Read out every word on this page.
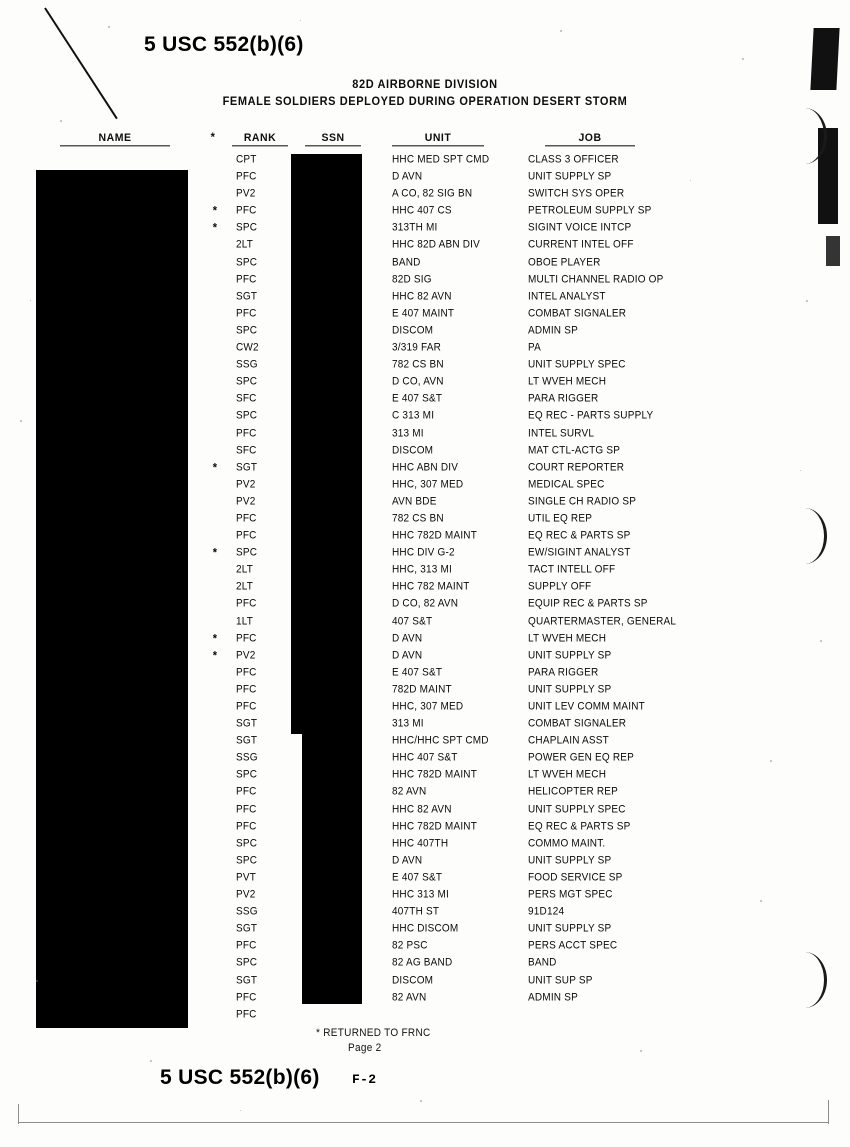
5 USC 552(b)(6)
82D AIRBORNE DIVISION
FEMALE SOLDIERS DEPLOYED DURING OPERATION DESERT STORM
NAME	*	RANK	SSN	UNIT	JOB
CPT	HHC MED SPT CMD	CLASS 3 OFFICER
PFC	D AVN	UNIT SUPPLY SP
PV2	A CO, 82 SIG BN	SWITCH SYS OPER
*	PFC	HHC 407 CS	PETROLEUM SUPPLY SP
*	SPC	313TH MI	SIGINT VOICE INTCP
2LT	HHC 82D ABN DIV	CURRENT INTEL OFF
SPC	BAND	OBOE PLAYER
PFC	82D SIG	MULTI CHANNEL RADIO OP
SGT	HHC 82 AVN	INTEL ANALYST
PFC	E 407 MAINT	COMBAT SIGNALER
SPC	DISCOM	ADMIN SP
CW2	3/319 FAR	PA
SSG	782 CS BN	UNIT SUPPLY SPEC
SPC	D CO, AVN	LT WVEH MECH
SFC	E 407 S&T	PARA RIGGER
SPC	C 313 MI	EQ REC - PARTS SUPPLY
PFC	313 MI	INTEL SURVL
SFC	DISCOM	MAT CTL-ACTG SP
*	SGT	HHC ABN DIV	COURT REPORTER
PV2	HHC, 307 MED	MEDICAL SPEC
PV2	AVN BDE	SINGLE CH RADIO SP
PFC	782 CS BN	UTIL EQ REP
PFC	HHC 782D MAINT	EQ REC & PARTS SP
*	SPC	HHC DIV G-2	EW/SIGINT ANALYST
2LT	HHC, 313 MI	TACT INTELL OFF
2LT	HHC 782 MAINT	SUPPLY OFF
PFC	D CO, 82 AVN	EQUIP REC & PARTS SP
1LT	407 S&T	QUARTERMASTER, GENERAL
*	PFC	D AVN	LT WVEH MECH
*	PV2	D AVN	UNIT SUPPLY SP
PFC	E 407 S&T	PARA RIGGER
PFC	782D MAINT	UNIT SUPPLY SP
PFC	HHC, 307 MED	UNIT LEV COMM MAINT
SGT	313 MI	COMBAT SIGNALER
SGT	HHC/HHC SPT CMD	CHAPLAIN ASST
SSG	HHC 407 S&T	POWER GEN EQ REP
SPC	HHC 782D MAINT	LT WVEH MECH
PFC	82 AVN	HELICOPTER REP
PFC	HHC 82 AVN	UNIT SUPPLY SPEC
PFC	HHC 782D MAINT	EQ REC & PARTS SP
SPC	HHC 407TH	COMMO MAINT.
SPC	D AVN	UNIT SUPPLY SP
PVT	E 407 S&T	FOOD SERVICE SP
PV2	HHC 313 MI	PERS MGT SPEC
SSG	407TH ST	91D124
SGT	HHC DISCOM	UNIT SUPPLY SP
PFC	82 PSC	PERS ACCT SPEC
SPC	82 AG BAND	BAND
SGT	DISCOM	UNIT SUP SP
PFC	82 AVN	ADMIN SP
PFC
* RETURNED TO FRNC
Page 2
5 USC 552(b)(6) F-2
